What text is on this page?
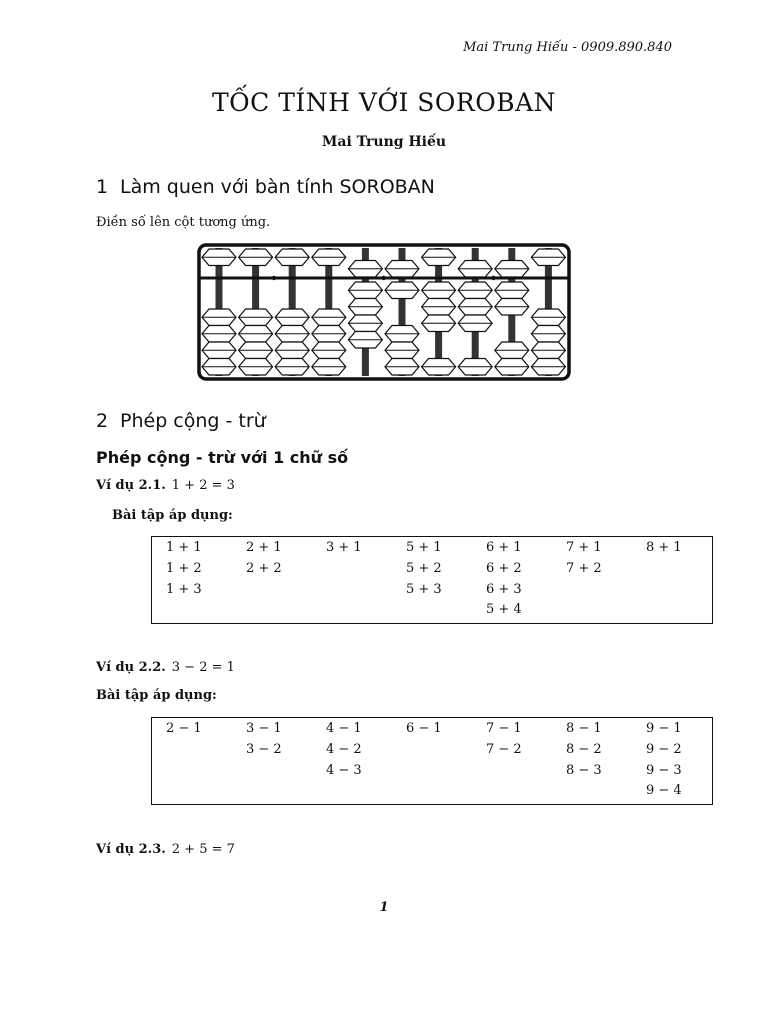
Mai Trung Hiếu - 0909.890.840
TỐC TÍNH VỚI SOROBAN
Mai Trung Hiếu
1 Làm quen với bàn tính SOROBAN
Điền số lên cột tương ứng.
2 Phép cộng - trừ
Phép cộng - trừ với 1 chữ số
Ví dụ 2.1. 1 + 2 = 3
Bài tập áp dụng:
1 + 1	2 + 1	3 + 1	5 + 1	6 + 1	7 + 1	8 + 1
1 + 2	2 + 2		5 + 2	6 + 2	7 + 2	
1 + 3			5 + 3	6 + 3		
				5 + 4		
Ví dụ 2.2. 3 − 2 = 1
Bài tập áp dụng:
2 − 1	3 − 1	4 − 1	6 − 1	7 − 1	8 − 1	9 − 1
	3 − 2	4 − 2		7 − 2	8 − 2	9 − 2
		4 − 3			8 − 3	9 − 3
						9 − 4
Ví dụ 2.3. 2 + 5 = 7
1
